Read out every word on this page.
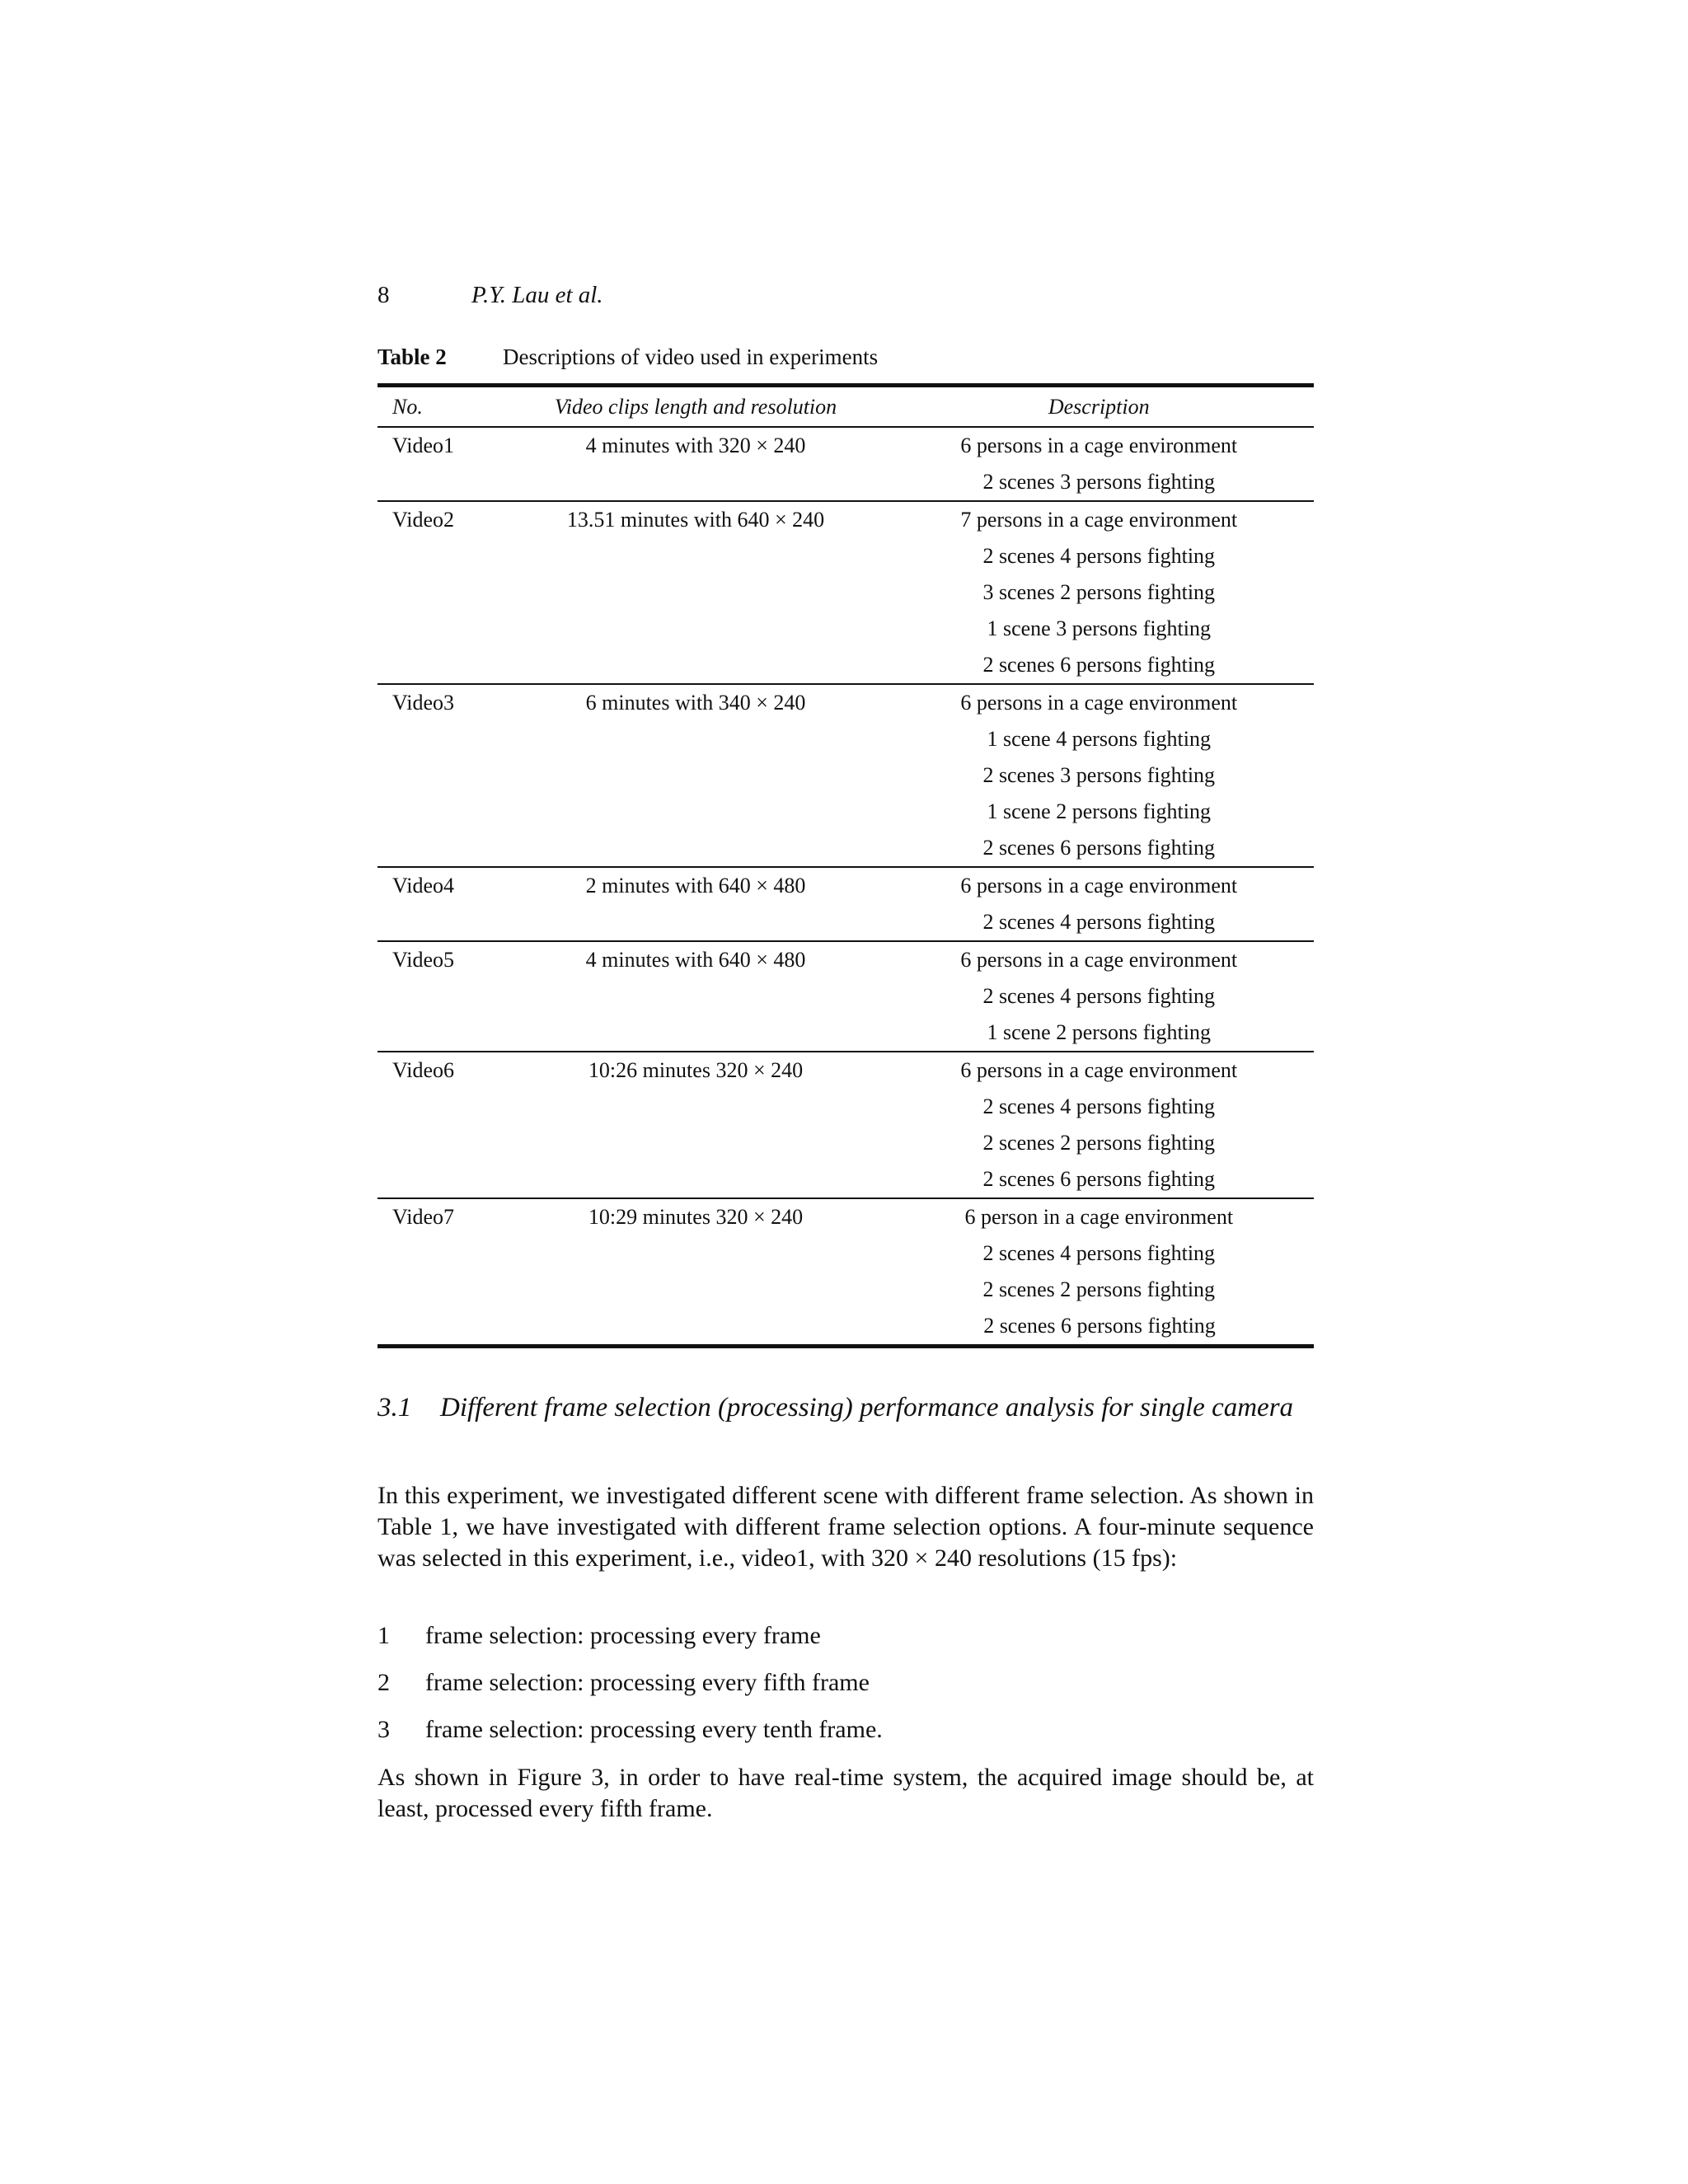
8	P.Y. Lau et al.
Table 2	Descriptions of video used in experiments
No.	Video clips length and resolution	Description
Video1	4 minutes with 320 × 240	6 persons in a cage environment
		2 scenes 3 persons fighting
Video2	13.51 minutes with 640 × 240	7 persons in a cage environment
		2 scenes 4 persons fighting
		3 scenes 2 persons fighting
		1 scene 3 persons fighting
		2 scenes 6 persons fighting
Video3	6 minutes with 340 × 240	6 persons in a cage environment
		1 scene 4 persons fighting
		2 scenes 3 persons fighting
		1 scene 2 persons fighting
		2 scenes 6 persons fighting
Video4	2 minutes with 640 × 480	6 persons in a cage environment
		2 scenes 4 persons fighting
Video5	4 minutes with 640 × 480	6 persons in a cage environment
		2 scenes 4 persons fighting
		1 scene 2 persons fighting
Video6	10:26 minutes 320 × 240	6 persons in a cage environment
		2 scenes 4 persons fighting
		2 scenes 2 persons fighting
		2 scenes 6 persons fighting
Video7	10:29 minutes 320 × 240	6 person in a cage environment
		2 scenes 4 persons fighting
		2 scenes 2 persons fighting
		2 scenes 6 persons fighting
3.1 Different frame selection (processing) performance analysis for single camera

In this experiment, we investigated different scene with different frame selection. As shown in Table 1, we have investigated with different frame selection options. A four-minute sequence was selected in this experiment, i.e., video1, with 320 × 240 resolutions (15 fps):

1	frame selection: processing every frame
2	frame selection: processing every fifth frame
3	frame selection: processing every tenth frame.

As shown in Figure 3, in order to have real-time system, the acquired image should be, at least, processed every fifth frame.
